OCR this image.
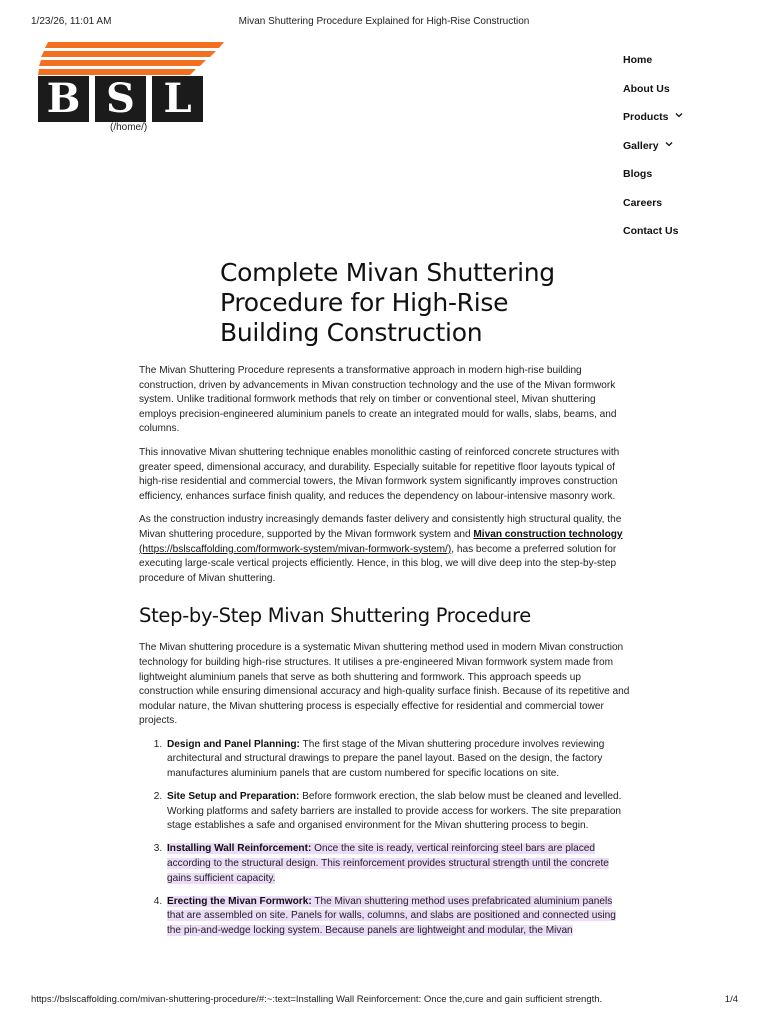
1/23/26, 11:01 AM	Mivan Shuttering Procedure Explained for High-Rise Construction
B S L
(/home/)
Home
About Us
Products
Gallery
Blogs
Careers
Contact Us
Complete Mivan Shuttering Procedure for High-Rise Building Construction

The Mivan Shuttering Procedure represents a transformative approach in modern high-rise building construction, driven by advancements in Mivan construction technology and the use of the Mivan formwork system. Unlike traditional formwork methods that rely on timber or conventional steel, Mivan shuttering employs precision-engineered aluminium panels to create an integrated mould for walls, slabs, beams, and columns.

This innovative Mivan shuttering technique enables monolithic casting of reinforced concrete structures with greater speed, dimensional accuracy, and durability. Especially suitable for repetitive floor layouts typical of high-rise residential and commercial towers, the Mivan formwork system significantly improves construction efficiency, enhances surface finish quality, and reduces the dependency on labour-intensive masonry work.

As the construction industry increasingly demands faster delivery and consistently high structural quality, the Mivan shuttering procedure, supported by the Mivan formwork system and Mivan construction technology (https://bslscaffolding.com/formwork-system/mivan-formwork-system/), has become a preferred solution for executing large-scale vertical projects efficiently. Hence, in this blog, we will dive deep into the step-by-step procedure of Mivan shuttering.

Step-by-Step Mivan Shuttering Procedure

The Mivan shuttering procedure is a systematic Mivan shuttering method used in modern Mivan construction technology for building high-rise structures. It utilises a pre-engineered Mivan formwork system made from lightweight aluminium panels that serve as both shuttering and formwork. This approach speeds up construction while ensuring dimensional accuracy and high-quality surface finish. Because of its repetitive and modular nature, the Mivan shuttering process is especially effective for residential and commercial tower projects.

1. Design and Panel Planning: The first stage of the Mivan shuttering procedure involves reviewing architectural and structural drawings to prepare the panel layout. Based on the design, the factory manufactures aluminium panels that are custom numbered for specific locations on site.
2. Site Setup and Preparation: Before formwork erection, the slab below must be cleaned and levelled. Working platforms and safety barriers are installed to provide access for workers. The site preparation stage establishes a safe and organised environment for the Mivan shuttering process to begin.
3. Installing Wall Reinforcement: Once the site is ready, vertical reinforcing steel bars are placed according to the structural design. This reinforcement provides structural strength until the concrete gains sufficient capacity.
4. Erecting the Mivan Formwork: The Mivan shuttering method uses prefabricated aluminium panels that are assembled on site. Panels for walls, columns, and slabs are positioned and connected using the pin-and-wedge locking system. Because panels are lightweight and modular, the Mivan
https://bslscaffolding.com/mivan-shuttering-procedure/#:~:text=Installing Wall Reinforcement: Once the,cure and gain sufficient strength.	1/4
